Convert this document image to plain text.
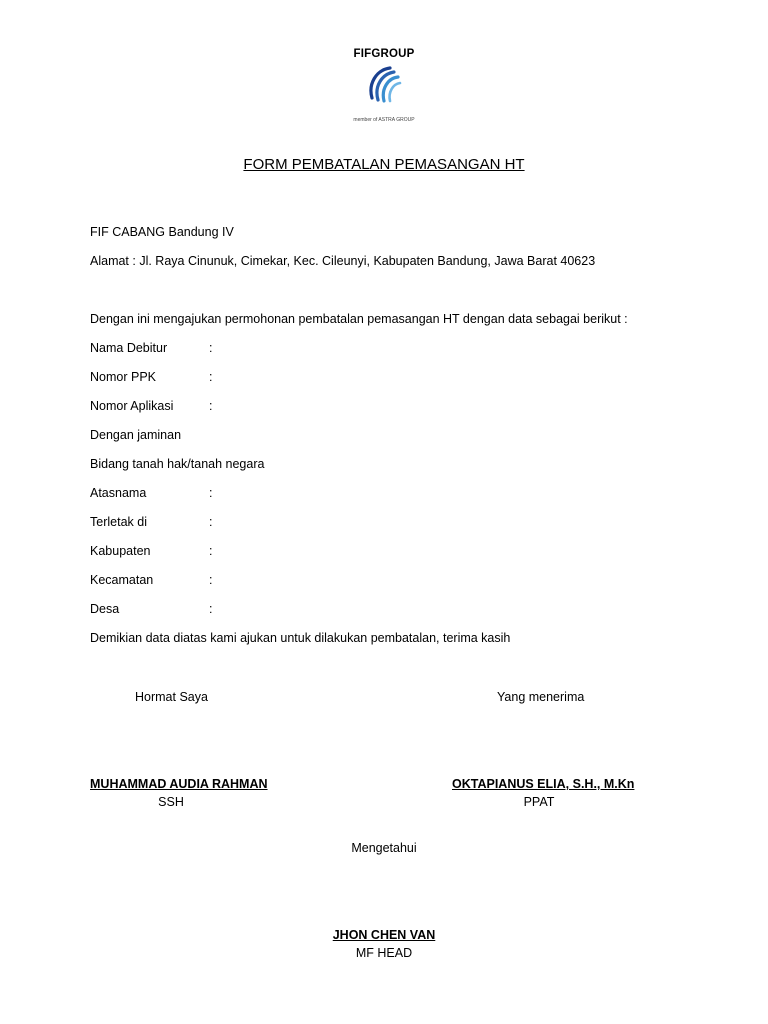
FIFGROUP
member of ASTRA GROUP
FORM PEMBATALAN PEMASANGAN HT
FIF CABANG Bandung IV
Alamat : Jl. Raya Cinunuk, Cimekar, Kec. Cileunyi, Kabupaten Bandung, Jawa Barat 40623
Dengan ini mengajukan permohonan pembatalan pemasangan HT dengan data sebagai berikut :
Nama Debitur	:
Nomor PPK	:
Nomor Aplikasi	:
Dengan jaminan
Bidang tanah hak/tanah negara
Atasnama	:
Terletak di	:
Kabupaten	:
Kecamatan	:
Desa	:
Demikian data diatas kami ajukan untuk dilakukan pembatalan, terima kasih
Hormat Saya	Yang menerima
MUHAMMAD AUDIA RAHMAN
SSH
OKTAPIANUS ELIA, S.H., M.Kn
PPAT
Mengetahui
JHON CHEN VAN
MF HEAD
